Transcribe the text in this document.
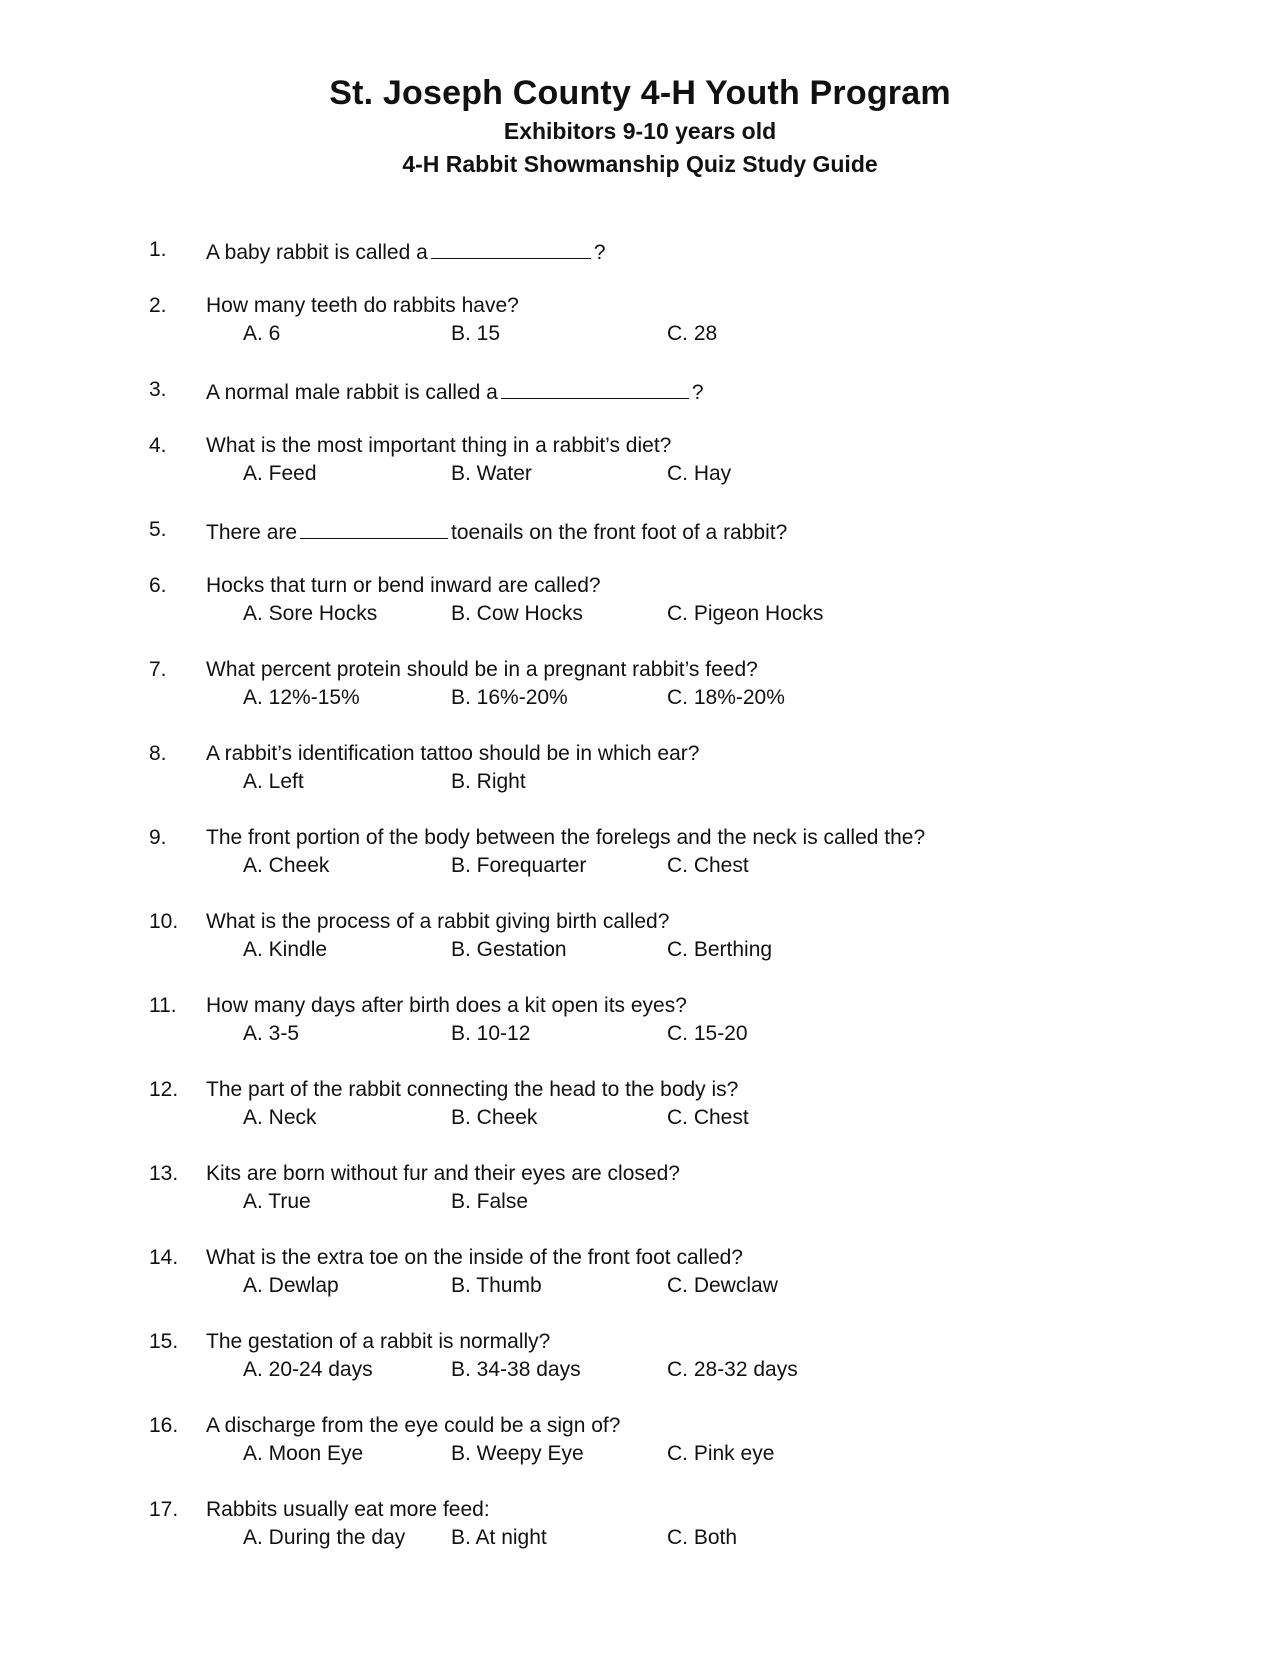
St. Joseph County 4-H Youth Program
Exhibitors 9-10 years old
4-H Rabbit Showmanship Quiz Study Guide
1. A baby rabbit is called a	?
2. How many teeth do rabbits have?
A. 6	B. 15	C. 28
3. A normal male rabbit is called a	?
4. What is the most important thing in a rabbit’s diet?
A. Feed	B. Water	C. Hay
5. There are	toenails on the front foot of a rabbit?
6. Hocks that turn or bend inward are called?
A. Sore Hocks	B. Cow Hocks	C. Pigeon Hocks
7. What percent protein should be in a pregnant rabbit’s feed?
A. 12%-15%	B. 16%-20%	C. 18%-20%
8. A rabbit’s identification tattoo should be in which ear?
A. Left	B. Right
9. The front portion of the body between the forelegs and the neck is called the?
A. Cheek	B. Forequarter	C. Chest
10. What is the process of a rabbit giving birth called?
A. Kindle	B. Gestation	C. Berthing
11. How many days after birth does a kit open its eyes?
A. 3-5	B. 10-12	C. 15-20
12. The part of the rabbit connecting the head to the body is?
A. Neck	B. Cheek	C. Chest
13. Kits are born without fur and their eyes are closed?
A. True	B. False
14. What is the extra toe on the inside of the front foot called?
A. Dewlap	B. Thumb	C. Dewclaw
15. The gestation of a rabbit is normally?
A. 20-24 days	B. 34-38 days	C. 28-32 days
16. A discharge from the eye could be a sign of?
A. Moon Eye	B. Weepy Eye	C. Pink eye
17. Rabbits usually eat more feed:
A. During the day B. At night	C. Both
